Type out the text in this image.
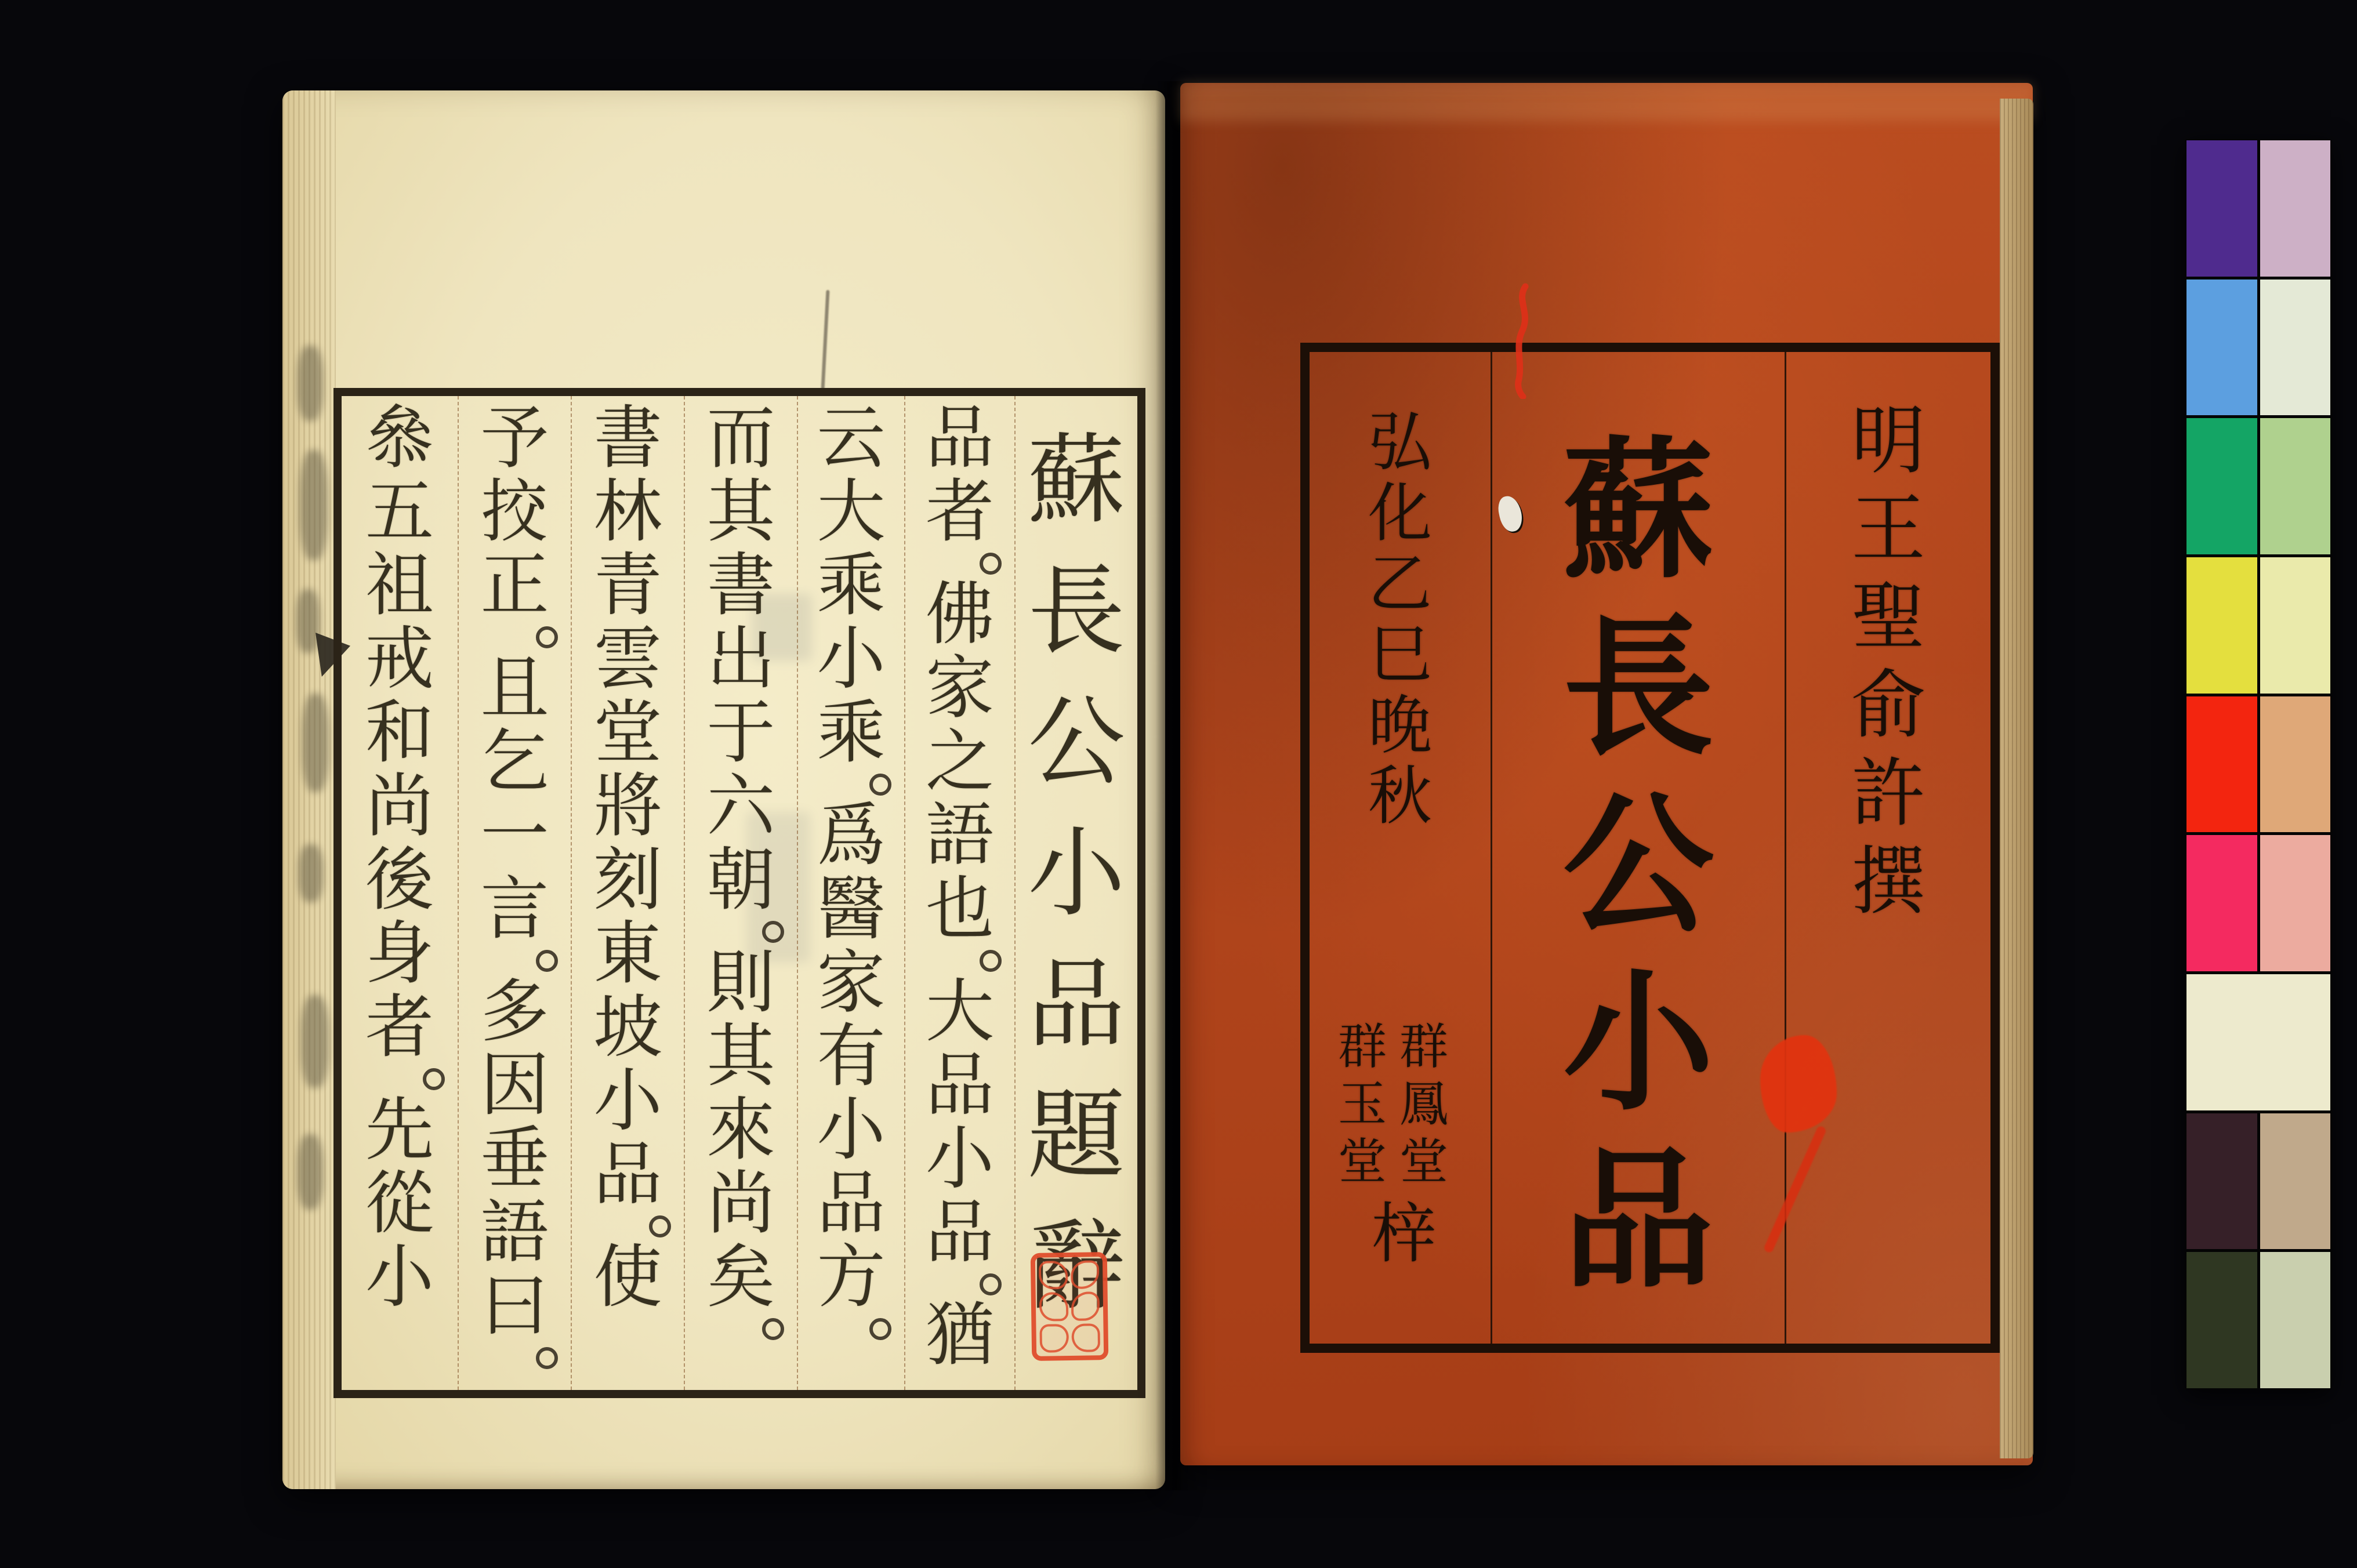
蘇
長
公
小
品
題
辭
品
者
佛
家
之
語
也
大
品
小
品
猶
云
大
乘
小
乘
爲
醫
家
有
小
品
方
而
其
書
出
于
六
朝
則
其
來
尚
矣
書
林
青
雲
堂
將
刻
東
坡
小
品
使
予
挍
正
且
乞
一
言
多
因
垂
語
曰
叅
五
祖
戒
和
尚
後
身
者
先
從
小
明
王
聖
俞
許
撰
蘇
長
公
小
品
弘
化
乙
巳
晚
秋
群
鳳
堂
群
玉
堂
梓
